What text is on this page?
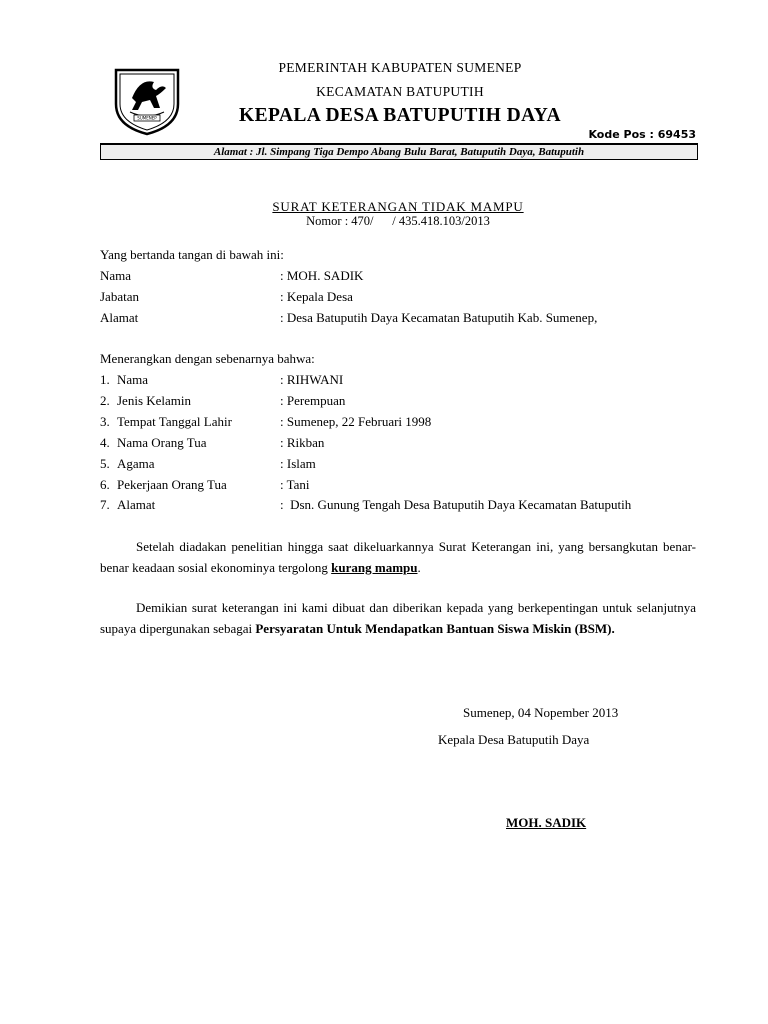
SUMENEP
PEMERINTAH KABUPATEN SUMENEP
KECAMATAN BATUPUTIH
KEPALA DESA BATUPUTIH DAYA
Kode Pos : 69453
Alamat : Jl. Simpang Tiga Dempo Abang Bulu Barat, Batuputih Daya, Batuputih
SURAT KETERANGAN TIDAK MAMPU
Nomor : 470/      / 435.418.103/2013
Yang bertanda tangan di bawah ini:
Nama	: MOH. SADIK
Jabatan	: Kepala Desa
Alamat	: Desa Batuputih Daya Kecamatan Batuputih Kab. Sumenep,
Menerangkan dengan sebenarnya bahwa:
1. Nama	: RIHWANI
2. Jenis Kelamin	: Perempuan
3. Tempat Tanggal Lahir	: Sumenep, 22 Februari 1998
4. Nama Orang Tua	: Rikban
5. Agama	: Islam
6. Pekerjaan Orang Tua	: Tani
7. Alamat	:  Dsn. Gunung Tengah Desa Batuputih Daya Kecamatan Batuputih
Setelah diadakan penelitian hingga saat dikeluarkannya Surat Keterangan ini, yang bersangkutan benar-benar keadaan sosial ekonominya tergolong kurang mampu.
Demikian surat keterangan ini kami dibuat dan diberikan kepada yang berkepentingan untuk selanjutnya supaya dipergunakan sebagai Persyaratan Untuk Mendapatkan Bantuan Siswa Miskin (BSM).
Sumenep, 04 Nopember 2013
Kepala Desa Batuputih Daya
MOH. SADIK
